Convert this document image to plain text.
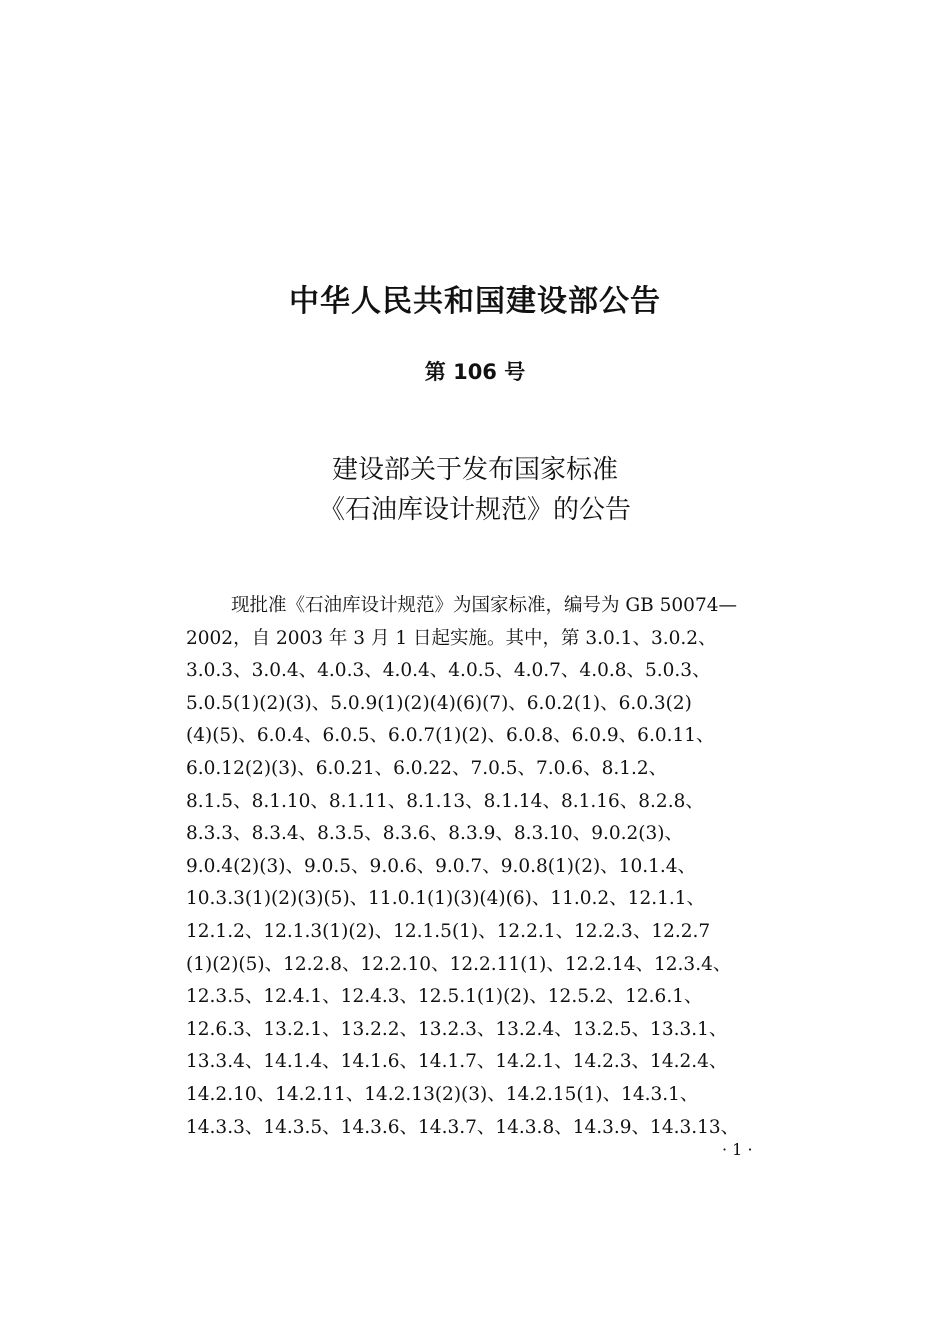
中华人民共和国建设部公告
第 106 号
建设部关于发布国家标准
《石油库设计规范》的公告
现批准《石油库设计规范》为国家标准，编号为 GB 50074—
2002，自 2003 年 3 月 1 日起实施。其中，第 3.0.1、3.0.2、
3.0.3、3.0.4、4.0.3、4.0.4、4.0.5、4.0.7、4.0.8、5.0.3、
5.0.5(1)(2)(3)、5.0.9(1)(2)(4)(6)(7)、6.0.2(1)、6.0.3(2)
(4)(5)、6.0.4、6.0.5、6.0.7(1)(2)、6.0.8、6.0.9、6.0.11、
6.0.12(2)(3)、6.0.21、6.0.22、7.0.5、7.0.6、8.1.2、
8.1.5、8.1.10、8.1.11、8.1.13、8.1.14、8.1.16、8.2.8、
8.3.3、8.3.4、8.3.5、8.3.6、8.3.9、8.3.10、9.0.2(3)、
9.0.4(2)(3)、9.0.5、9.0.6、9.0.7、9.0.8(1)(2)、10.1.4、
10.3.3(1)(2)(3)(5)、11.0.1(1)(3)(4)(6)、11.0.2、12.1.1、
12.1.2、12.1.3(1)(2)、12.1.5(1)、12.2.1、12.2.3、12.2.7
(1)(2)(5)、12.2.8、12.2.10、12.2.11(1)、12.2.14、12.3.4、
12.3.5、12.4.1、12.4.3、12.5.1(1)(2)、12.5.2、12.6.1、
12.6.3、13.2.1、13.2.2、13.2.3、13.2.4、13.2.5、13.3.1、
13.3.4、14.1.4、14.1.6、14.1.7、14.2.1、14.2.3、14.2.4、
14.2.10、14.2.11、14.2.13(2)(3)、14.2.15(1)、14.3.1、
14.3.3、14.3.5、14.3.6、14.3.7、14.3.8、14.3.9、14.3.13、
· 1 ·
